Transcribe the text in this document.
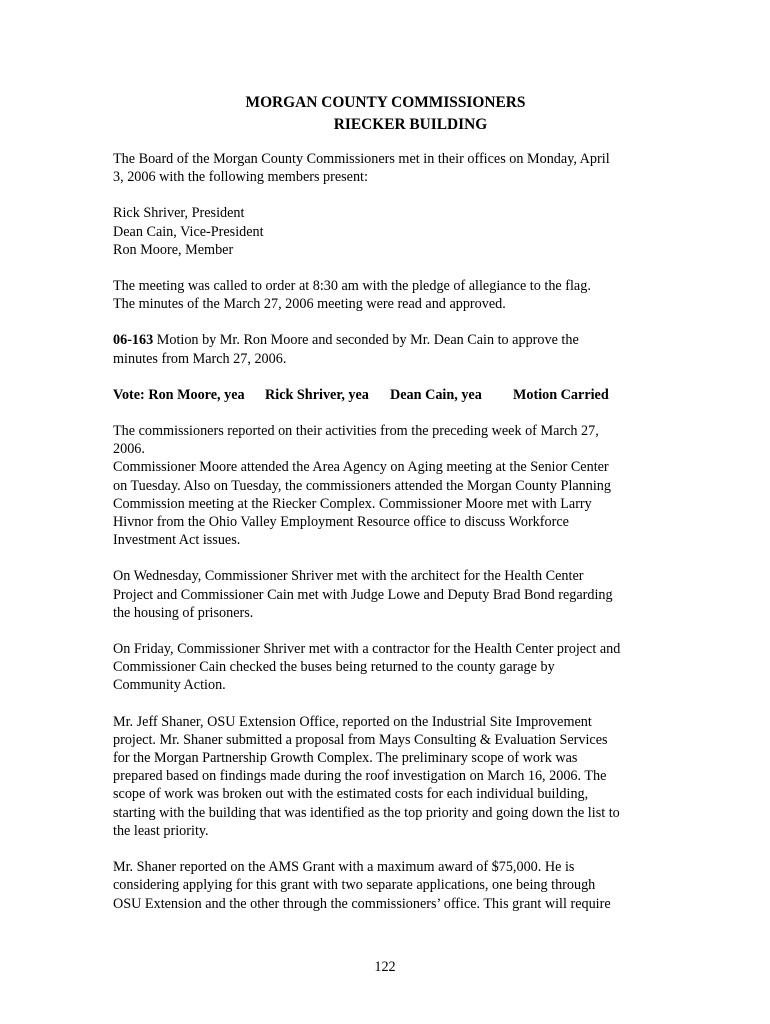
MORGAN COUNTY COMMISSIONERS
RIECKER BUILDING

The Board of the Morgan County Commissioners met in their offices on Monday, April
3, 2006 with the following members present:

Rick Shriver, President
Dean Cain, Vice-President
Ron Moore, Member

The meeting was called to order at 8:30 am with the pledge of allegiance to the flag.
The minutes of the March 27, 2006 meeting were read and approved.

06-163 Motion by Mr. Ron Moore and seconded by Mr. Dean Cain to approve the
minutes from March 27, 2006.

Vote: Ron Moore, yea Rick Shriver, yea Dean Cain, yea Motion Carried

The commissioners reported on their activities from the preceding week of March 27,
2006.
Commissioner Moore attended the Area Agency on Aging meeting at the Senior Center
on Tuesday. Also on Tuesday, the commissioners attended the Morgan County Planning
Commission meeting at the Riecker Complex. Commissioner Moore met with Larry
Hivnor from the Ohio Valley Employment Resource office to discuss Workforce
Investment Act issues.

On Wednesday, Commissioner Shriver met with the architect for the Health Center
Project and Commissioner Cain met with Judge Lowe and Deputy Brad Bond regarding
the housing of prisoners.

On Friday, Commissioner Shriver met with a contractor for the Health Center project and
Commissioner Cain checked the buses being returned to the county garage by
Community Action.

Mr. Jeff Shaner, OSU Extension Office, reported on the Industrial Site Improvement
project. Mr. Shaner submitted a proposal from Mays Consulting & Evaluation Services
for the Morgan Partnership Growth Complex. The preliminary scope of work was
prepared based on findings made during the roof investigation on March 16, 2006. The
scope of work was broken out with the estimated costs for each individual building,
starting with the building that was identified as the top priority and going down the list to
the least priority.

Mr. Shaner reported on the AMS Grant with a maximum award of $75,000. He is
considering applying for this grant with two separate applications, one being through
OSU Extension and the other through the commissioners’ office. This grant will require

122
